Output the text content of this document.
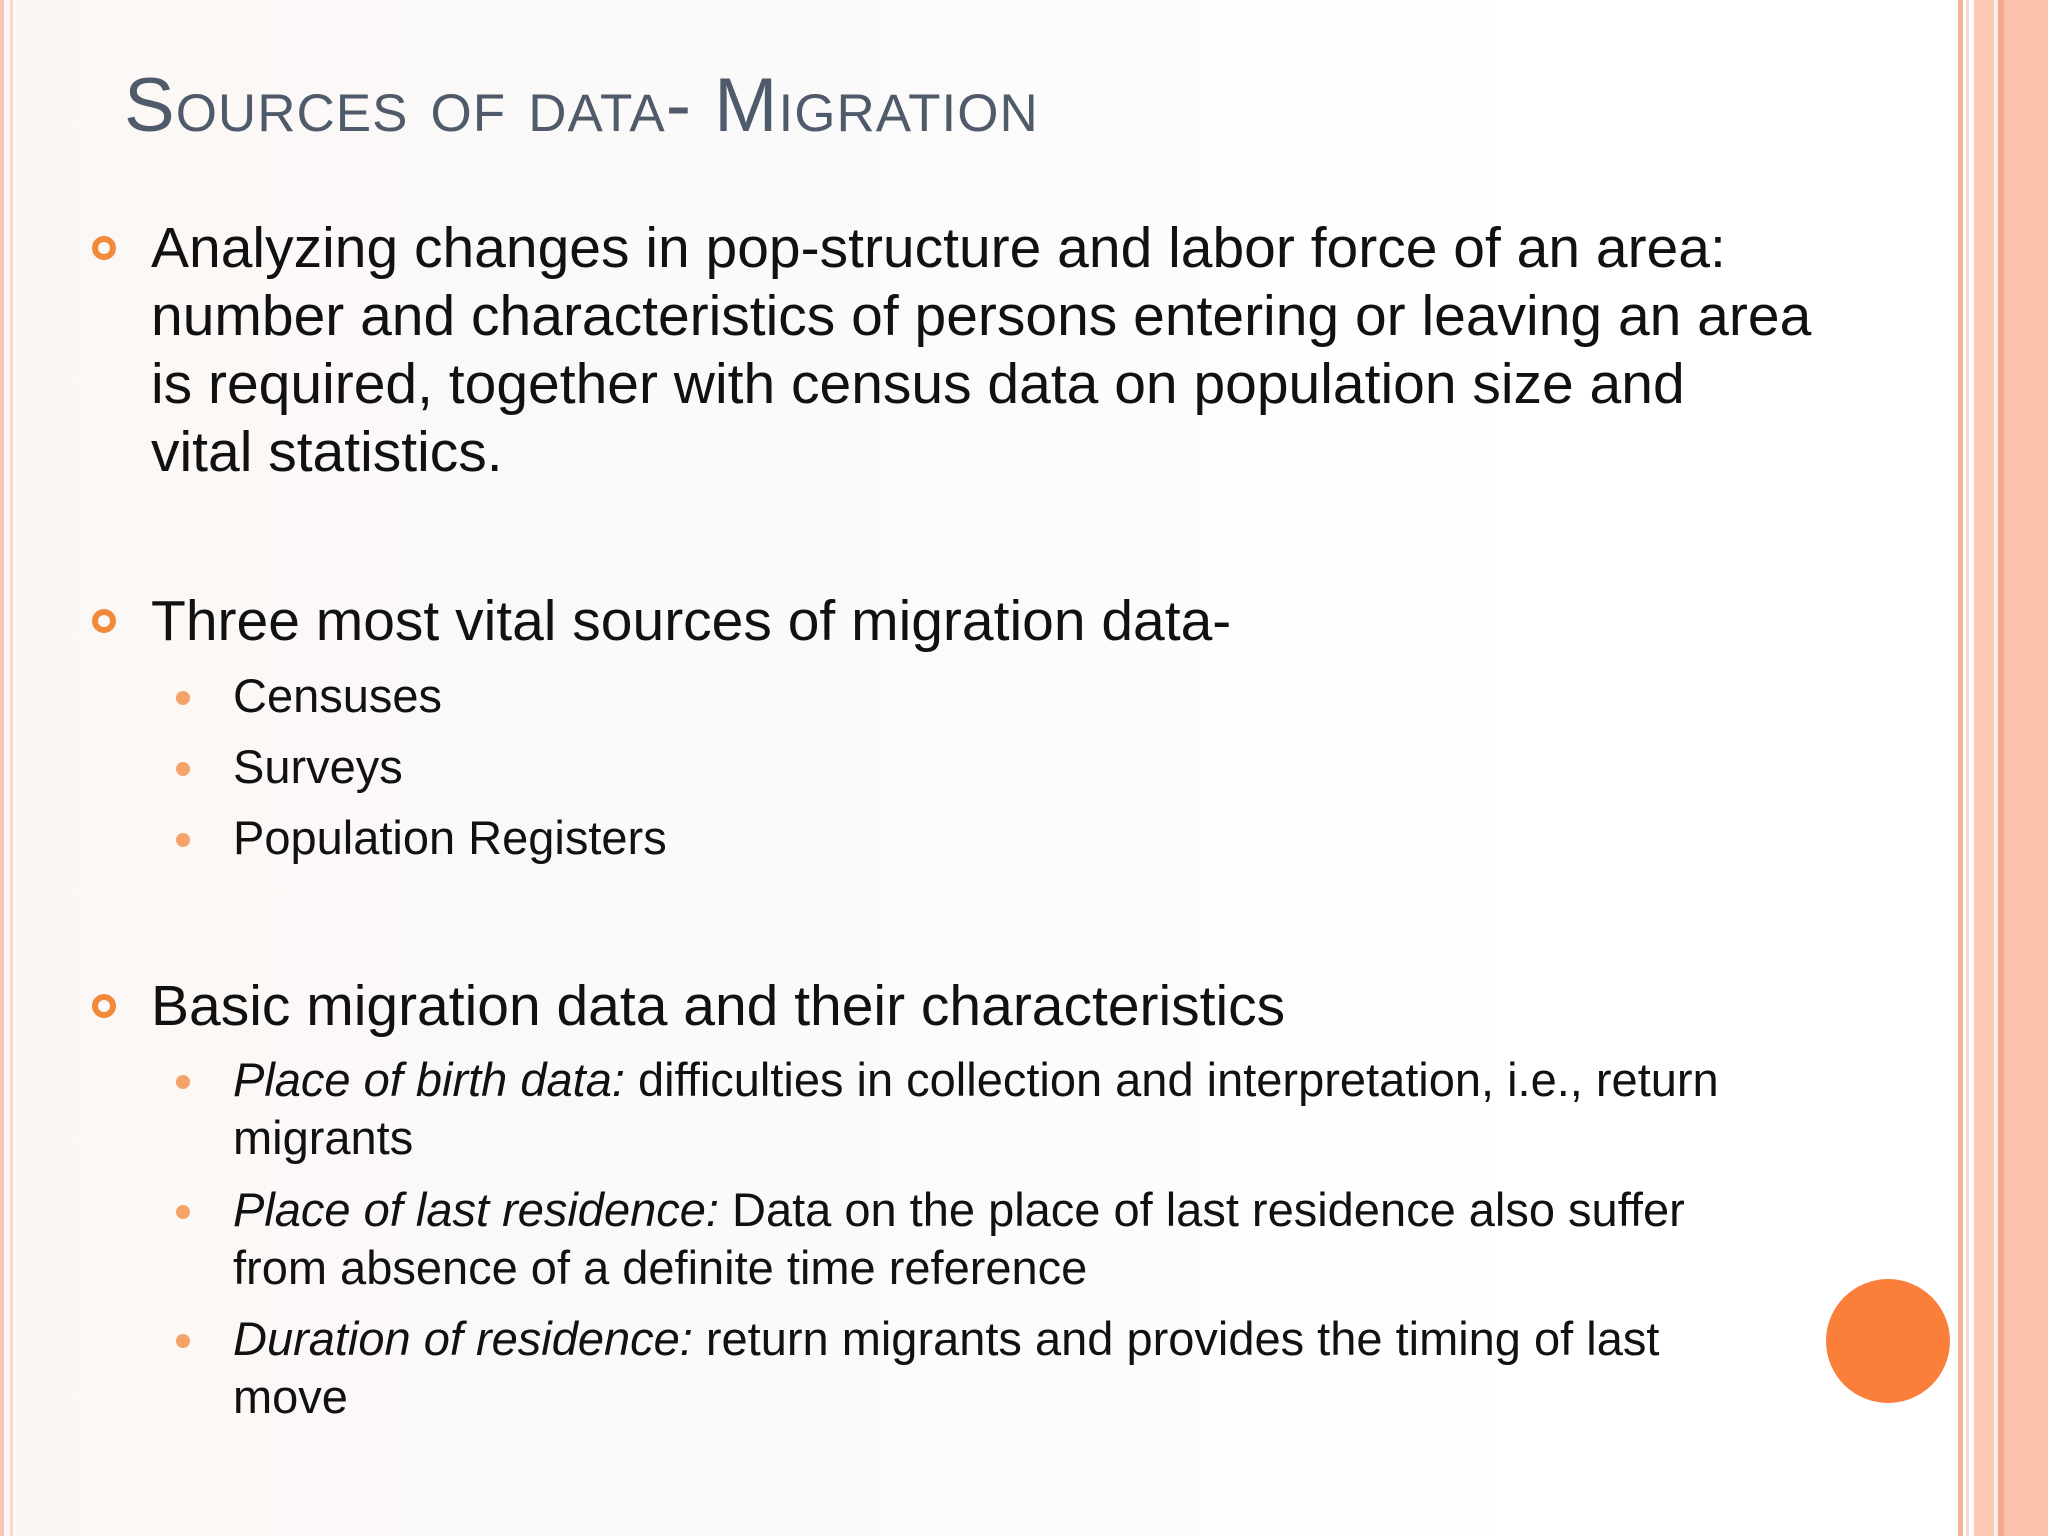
Sources of data- Migration
Analyzing changes in pop-structure and labor force of an area:
number and characteristics of persons entering or leaving an area
is required, together with census data on population size and
vital statistics.
Three most vital sources of migration data-
Censuses
Surveys
Population Registers
Basic migration data and their characteristics
Place of birth data: difficulties in collection and interpretation, i.e., return
migrants
Place of last residence: Data on the place of last residence also suffer
from absence of a definite time reference
Duration of residence: return migrants and provides the timing of last
move
